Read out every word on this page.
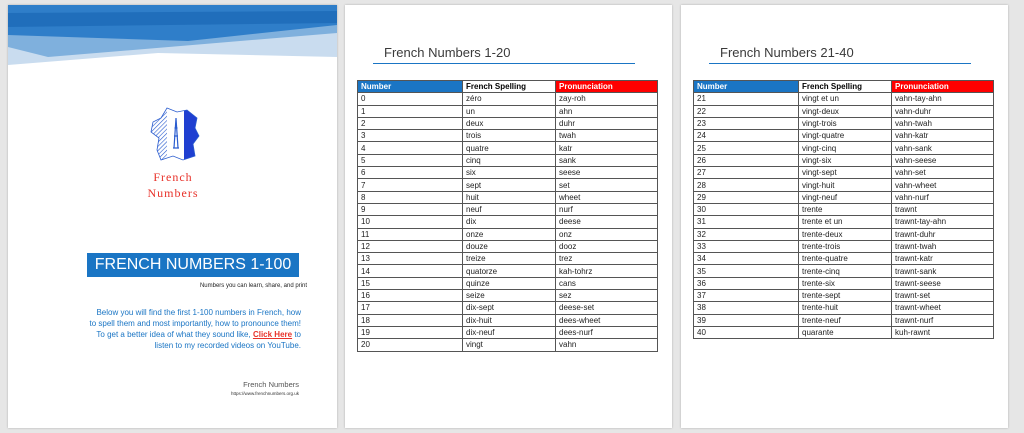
French
Numbers
FRENCH NUMBERS 1-100
Numbers you can learn, share, and print
Below you will find the first 1-100 numbers in French, how to spell them and most importantly, how to pronounce them! To get a better idea of what they sound like, Click Here to listen to my recorded videos on YouTube.
French Numbers
https://www.frenchnumbers.org.uk
French Numbers 1-20
Number	French Spelling	Pronunciation
0	zéro	zay-roh
1	un	ahn
2	deux	duhr
3	trois	twah
4	quatre	katr
5	cinq	sank
6	six	seese
7	sept	set
8	huit	wheet
9	neuf	nurf
10	dix	deese
11	onze	onz
12	douze	dooz
13	treize	trez
14	quatorze	kah-tohrz
15	quinze	cans
16	seize	sez
17	dix-sept	deese-set
18	dix-huit	dees-wheet
19	dix-neuf	dees-nurf
20	vingt	vahn
French Numbers 21-40
Number	French Spelling	Pronunciation
21	vingt et un	vahn-tay-ahn
22	vingt-deux	vahn-duhr
23	vingt-trois	vahn-twah
24	vingt-quatre	vahn-katr
25	vingt-cinq	vahn-sank
26	vingt-six	vahn-seese
27	vingt-sept	vahn-set
28	vingt-huit	vahn-wheet
29	vingt-neuf	vahn-nurf
30	trente	trawnt
31	trente et un	trawnt-tay-ahn
32	trente-deux	trawnt-duhr
33	trente-trois	trawnt-twah
34	trente-quatre	trawnt-katr
35	trente-cinq	trawnt-sank
36	trente-six	trawnt-seese
37	trente-sept	trawnt-set
38	trente-huit	trawnt-wheet
39	trente-neuf	trawnt-nurf
40	quarante	kuh-rawnt
